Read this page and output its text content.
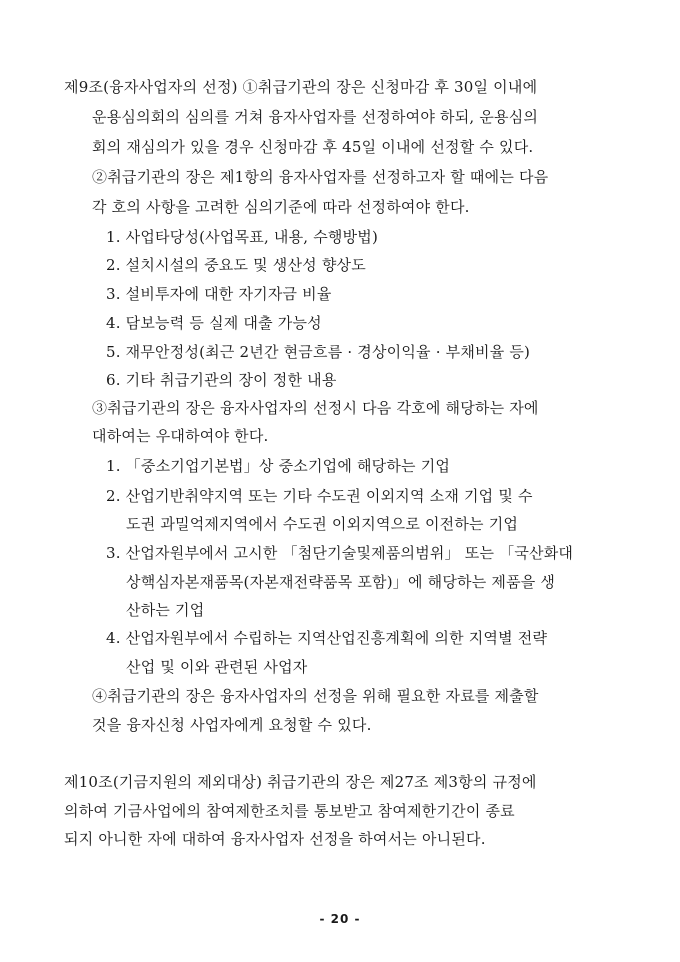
제9조(융자사업자의 선정) ①취급기관의 장은 신청마감 후 30일 이내에
운용심의회의 심의를 거쳐 융자사업자를 선정하여야 하되, 운용심의
회의 재심의가 있을 경우 신청마감 후 45일 이내에 선정할 수 있다.
②취급기관의 장은 제1항의 융자사업자를 선정하고자 할 때에는 다음
각 호의 사항을 고려한 심의기준에 따라 선정하여야 한다.
1. 사업타당성(사업목표, 내용, 수행방법)
2. 설치시설의 중요도 및 생산성 향상도
3. 설비투자에 대한 자기자금 비율
4. 담보능력 등 실제 대출 가능성
5. 재무안정성(최근 2년간 현금흐름 · 경상이익율 · 부채비율 등)
6. 기타 취급기관의 장이 정한 내용
③취급기관의 장은 융자사업자의 선정시 다음 각호에 해당하는 자에
대하여는 우대하여야 한다.
1. 「중소기업기본법」상 중소기업에 해당하는 기업
2. 산업기반취약지역 또는 기타 수도권 이외지역 소재 기업 및 수
도권 과밀억제지역에서 수도권 이외지역으로 이전하는 기업
3. 산업자원부에서 고시한 「첨단기술및제품의범위」 또는 「국산화대
상핵심자본재품목(자본재전략품목 포함)」에 해당하는 제품을 생
산하는 기업
4. 산업자원부에서 수립하는 지역산업진흥계획에 의한 지역별 전략
산업 및 이와 관련된 사업자
④취급기관의 장은 융자사업자의 선정을 위해 필요한 자료를 제출할
것을 융자신청 사업자에게 요청할 수 있다.
제10조(기금지원의 제외대상) 취급기관의 장은 제27조 제3항의 규정에
의하여 기금사업에의 참여제한조치를 통보받고 참여제한기간이 종료
되지 아니한 자에 대하여 융자사업자 선정을 하여서는 아니된다.
- 20 -
